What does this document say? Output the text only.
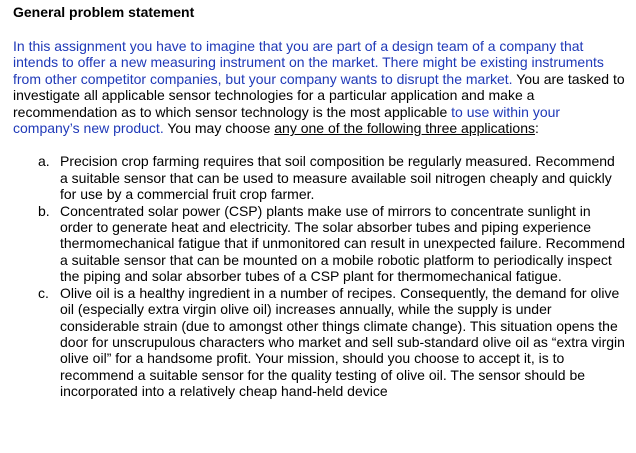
General problem statement

In this assignment you have to imagine that you are part of a design team of a company that intends to offer a new measuring instrument on the market. There might be existing instruments from other competitor companies, but your company wants to disrupt the market. You are tasked to investigate all applicable sensor technologies for a particular application and make a recommendation as to which sensor technology is the most applicable to use within your company’s new product. You may choose any one of the following three applications:

a. Precision crop farming requires that soil composition be regularly measured. Recommend a suitable sensor that can be used to measure available soil nitrogen cheaply and quickly for use by a commercial fruit crop farmer.
b. Concentrated solar power (CSP) plants make use of mirrors to concentrate sunlight in order to generate heat and electricity. The solar absorber tubes and piping experience thermomechanical fatigue that if unmonitored can result in unexpected failure. Recommend a suitable sensor that can be mounted on a mobile robotic platform to periodically inspect the piping and solar absorber tubes of a CSP plant for thermomechanical fatigue.
c. Olive oil is a healthy ingredient in a number of recipes. Consequently, the demand for olive oil (especially extra virgin olive oil) increases annually, while the supply is under considerable strain (due to amongst other things climate change). This situation opens the door for unscrupulous characters who market and sell sub-standard olive oil as “extra virgin olive oil” for a handsome profit. Your mission, should you choose to accept it, is to recommend a suitable sensor for the quality testing of olive oil. The sensor should be incorporated into a relatively cheap hand-held device
